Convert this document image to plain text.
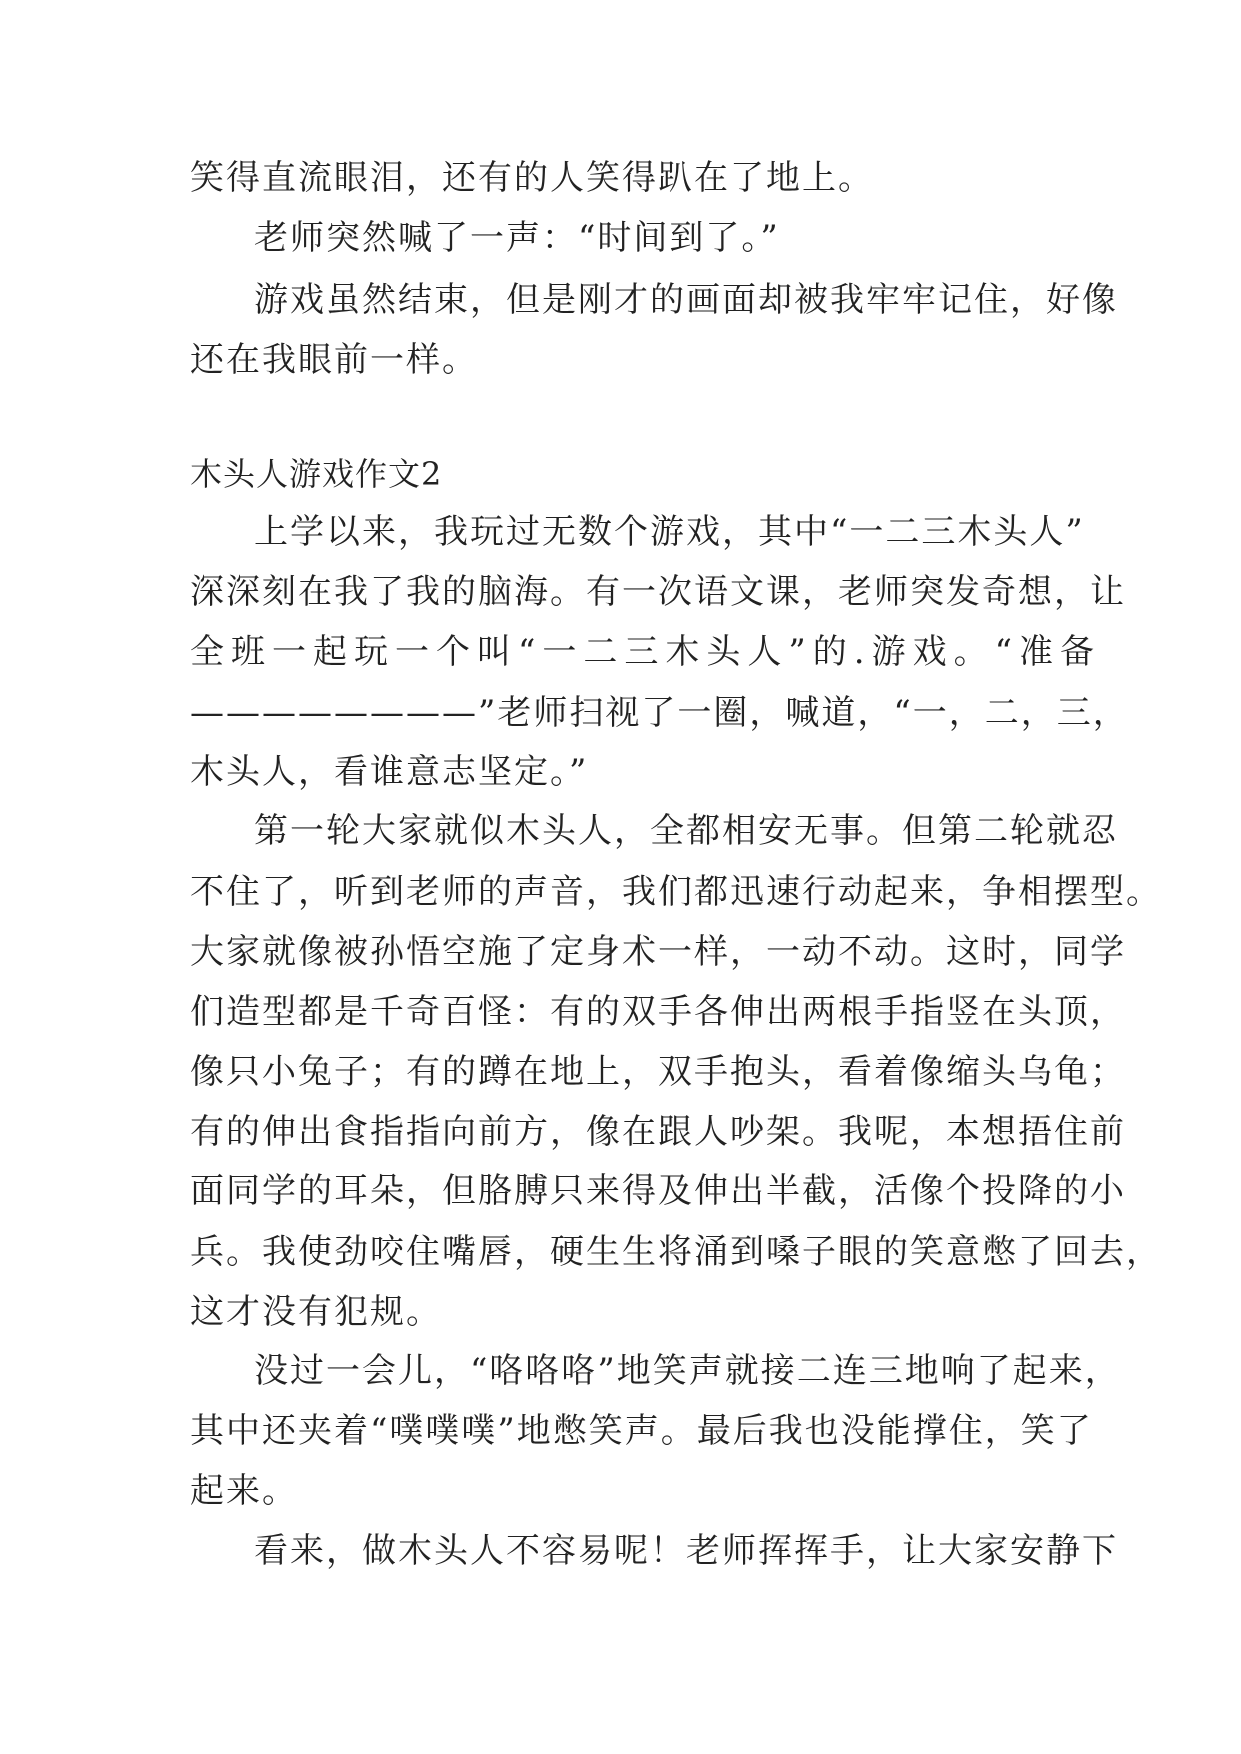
笑得直流眼泪，还有的人笑得趴在了地上。
老师突然喊了一声：“时间到了。”
游戏虽然结束，但是刚才的画面却被我牢牢记住，好像
还在我眼前一样。
木头人游戏作文2
上学以来，我玩过无数个游戏，其中“一二三木头人”
深深刻在我了我的脑海。有一次语文课，老师突发奇想，让
全班一起玩一个叫“一二三木头人”的.游戏。“准备
————————”老师扫视了一圈，喊道，“一，二，三，
木头人，看谁意志坚定。”
第一轮大家就似木头人，全都相安无事。但第二轮就忍
不住了，听到老师的声音，我们都迅速行动起来，争相摆型。
大家就像被孙悟空施了定身术一样，一动不动。这时，同学
们造型都是千奇百怪：有的双手各伸出两根手指竖在头顶，
像只小兔子；有的蹲在地上，双手抱头，看着像缩头乌龟；
有的伸出食指指向前方，像在跟人吵架。我呢，本想捂住前
面同学的耳朵，但胳膊只来得及伸出半截，活像个投降的小
兵。我使劲咬住嘴唇，硬生生将涌到嗓子眼的笑意憋了回去，
这才没有犯规。
没过一会儿，“咯咯咯”地笑声就接二连三地响了起来，
其中还夹着“噗噗噗”地憋笑声。最后我也没能撑住，笑了
起来。
看来，做木头人不容易呢！老师挥挥手，让大家安静下
